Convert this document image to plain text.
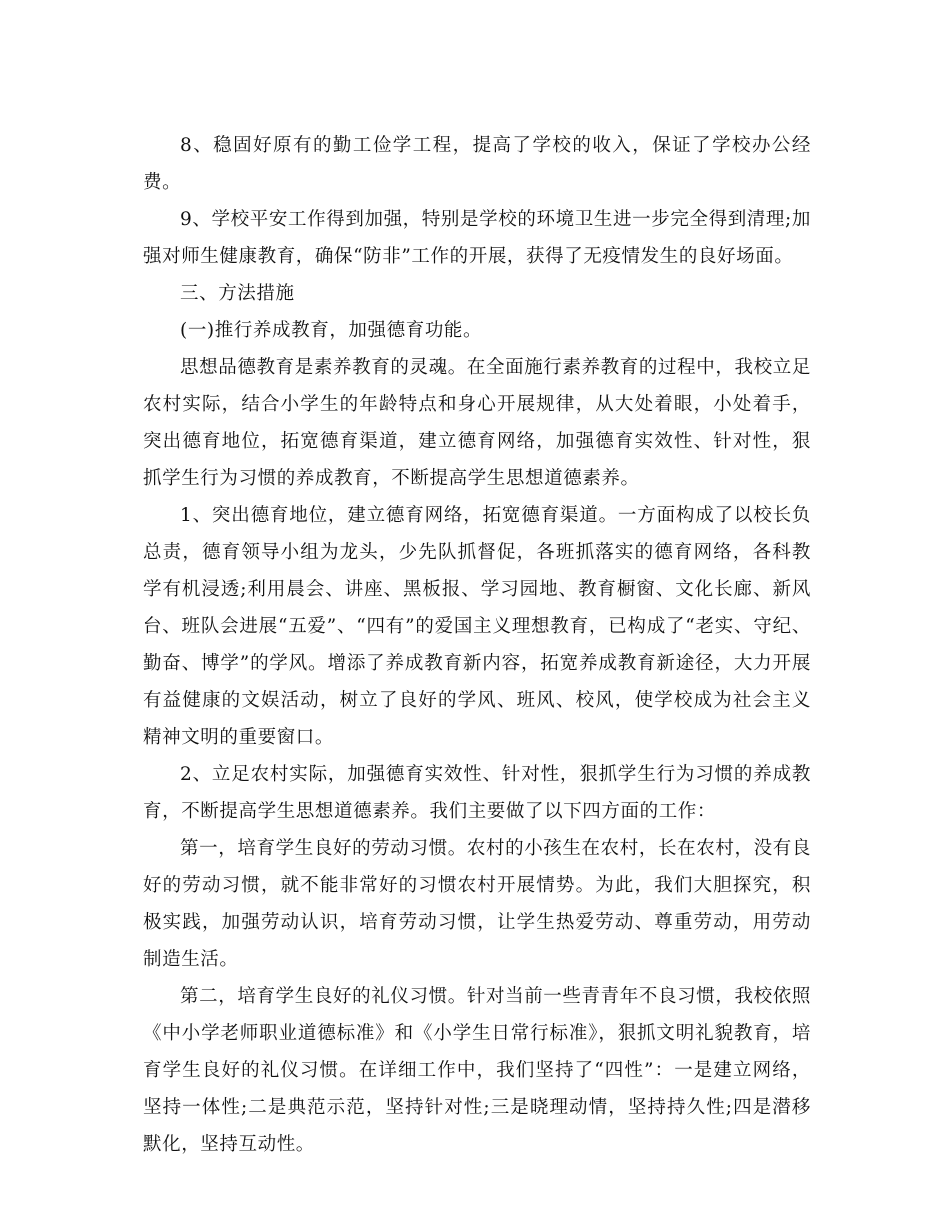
8、稳固好原有的勤工俭学工程，提高了学校的收入，保证了学校办公经费。

9、学校平安工作得到加强，特别是学校的环境卫生进一步完全得到清理;加强对师生健康教育，确保“防非”工作的开展，获得了无疫情发生的良好场面。

三、方法措施

(一)推行养成教育，加强德育功能。

思想品德教育是素养教育的灵魂。在全面施行素养教育的过程中，我校立足农村实际，结合小学生的年龄特点和身心开展规律，从大处着眼，小处着手，突出德育地位，拓宽德育渠道，建立德育网络，加强德育实效性、针对性，狠抓学生行为习惯的养成教育，不断提高学生思想道德素养。

1、突出德育地位，建立德育网络，拓宽德育渠道。一方面构成了以校长负总责，德育领导小组为龙头，少先队抓督促，各班抓落实的德育网络，各科教学有机浸透;利用晨会、讲座、黑板报、学习园地、教育橱窗、文化长廊、新风台、班队会进展“五爱”、“四有”的爱国主义理想教育，已构成了“老实、守纪、勤奋、博学”的学风。增添了养成教育新内容，拓宽养成教育新途径，大力开展有益健康的文娱活动，树立了良好的学风、班风、校风，使学校成为社会主义精神文明的重要窗口。

2、立足农村实际，加强德育实效性、针对性，狠抓学生行为习惯的养成教育，不断提高学生思想道德素养。我们主要做了以下四方面的工作：

第一，培育学生良好的劳动习惯。农村的小孩生在农村，长在农村，没有良好的劳动习惯，就不能非常好的习惯农村开展情势。为此，我们大胆探究，积极实践，加强劳动认识，培育劳动习惯，让学生热爱劳动、尊重劳动，用劳动制造生活。

第二，培育学生良好的礼仪习惯。针对当前一些青青年不良习惯，我校依照《中小学老师职业道德标准》和《小学生日常行标准》，狠抓文明礼貌教育，培育学生良好的礼仪习惯。在详细工作中，我们坚持了“四性”：一是建立网络，坚持一体性;二是典范示范，坚持针对性;三是晓理动情，坚持持久性;四是潜移默化，坚持互动性。
